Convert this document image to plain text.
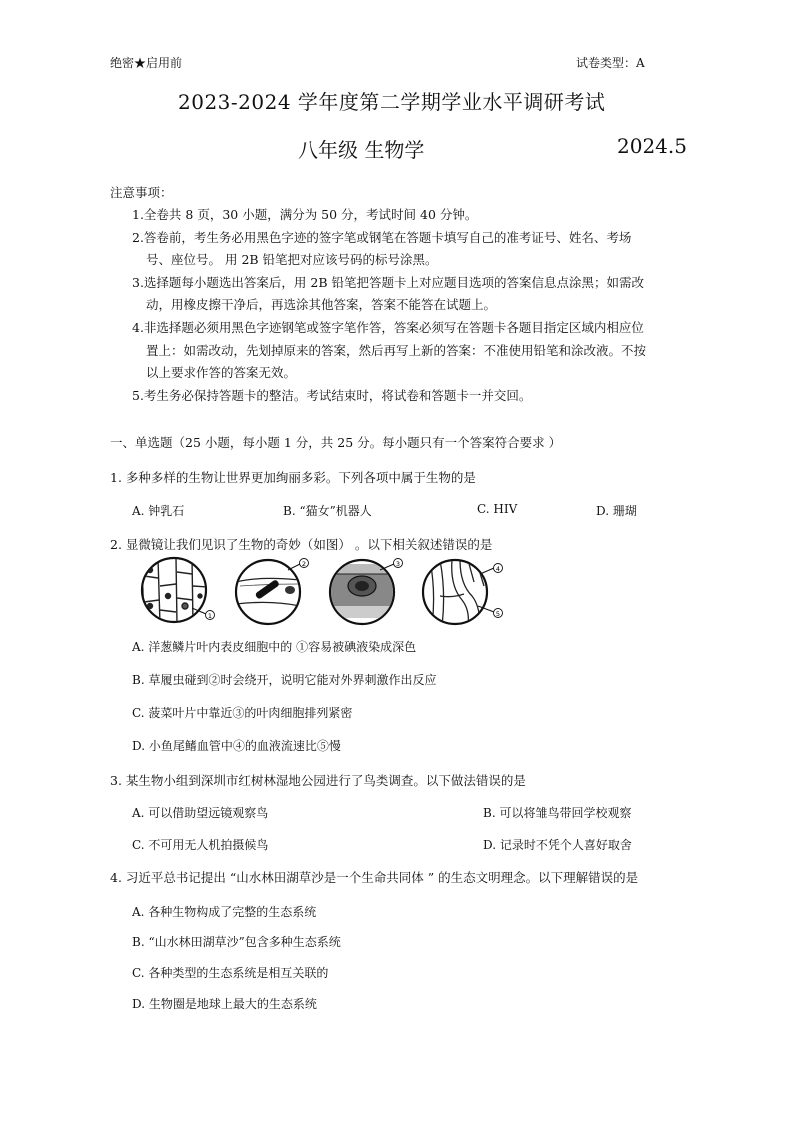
绝密★启用前	试卷类型：A
2023-2024 学年度第二学期学业水平调研考试
八年级 生物学	2024.5
注意事项：
1.全卷共 8 页，30 小题，满分为 50 分，考试时间 40 分钟。
2.答卷前，考生务必用黑色字迹的签字笔或钢笔在答题卡填写自己的准考证号、姓名、考场
号、座位号。 用 2B 铅笔把对应该号码的标号涂黑。
3.选择题每小题选出答案后，用 2B 铅笔把答题卡上对应题目选项的答案信息点涂黑；如需改
动，用橡皮擦干净后，再选涂其他答案，答案不能答在试题上。
4.非选择题必须用黑色字迹钢笔或签字笔作答，答案必须写在答题卡各题目指定区域内相应位
置上：如需改动，先划掉原来的答案，然后再写上新的答案：不准使用铅笔和涂改液。不按
以上要求作答的答案无效。
5.考生务必保持答题卡的整洁。考试结束时，将试卷和答题卡一并交回。
一、单选题（25 小题，每小题 1 分，共 25 分。每小题只有一个答案符合要求 ）
1. 多种多样的生物让世界更加绚丽多彩。下列各项中属于生物的是
A. 钟乳石	B. “猫女”机器人	C. HIV	D. 珊瑚
2. 显微镜让我们见识了生物的奇妙（如图） 。以下相关叙述错误的是
1
2	3
4
5
A. 洋葱鳞片叶内表皮细胞中的 ①容易被碘液染成深色
B. 草履虫碰到②时会绕开，说明它能对外界刺激作出反应
C. 菠菜叶片中靠近③的叶肉细胞排列紧密
D. 小鱼尾鳍血管中④的血液流速比⑤慢
3. 某生物小组到深圳市红树林湿地公园进行了鸟类调查。以下做法错误的是
A. 可以借助望远镜观察鸟	B. 可以将雏鸟带回学校观察
C. 不可用无人机拍摄候鸟	D. 记录时不凭个人喜好取舍
4. 习近平总书记提出 “山水林田湖草沙是一个生命共同体 ” 的生态文明理念。以下理解错误的是
A. 各种生物构成了完整的生态系统
B. “山水林田湖草沙”包含多种生态系统
C. 各种类型的生态系统是相互关联的
D. 生物圈是地球上最大的生态系统
